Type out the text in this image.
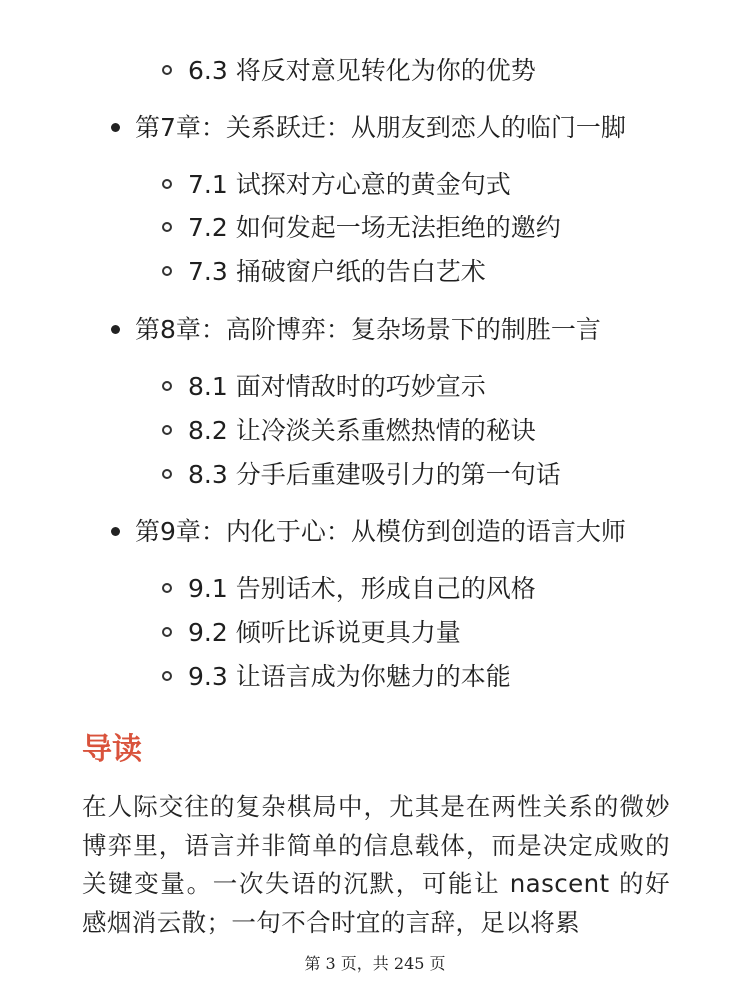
6.3 将反对意见转化为你的优势
第7章：关系跃迁：从朋友到恋人的临门一脚
7.1 试探对方心意的黄金句式
7.2 如何发起一场无法拒绝的邀约
7.3 捅破窗户纸的告白艺术
第8章：高阶博弈：复杂场景下的制胜一言
8.1 面对情敌时的巧妙宣示
8.2 让冷淡关系重燃热情的秘诀
8.3 分手后重建吸引力的第一句话
第9章：内化于心：从模仿到创造的语言大师
9.1 告别话术，形成自己的风格
9.2 倾听比诉说更具力量
9.3 让语言成为你魅力的本能
导读

在人际交往的复杂棋局中，尤其是在两性关系的微妙博弈里，语言并非简单的信息载体，而是决定成败的关键变量。一次失语的沉默，可能让 nascent 的好感烟消云散；一句不合时宜的言辞，足以将累

第 3 页，共 245 页
